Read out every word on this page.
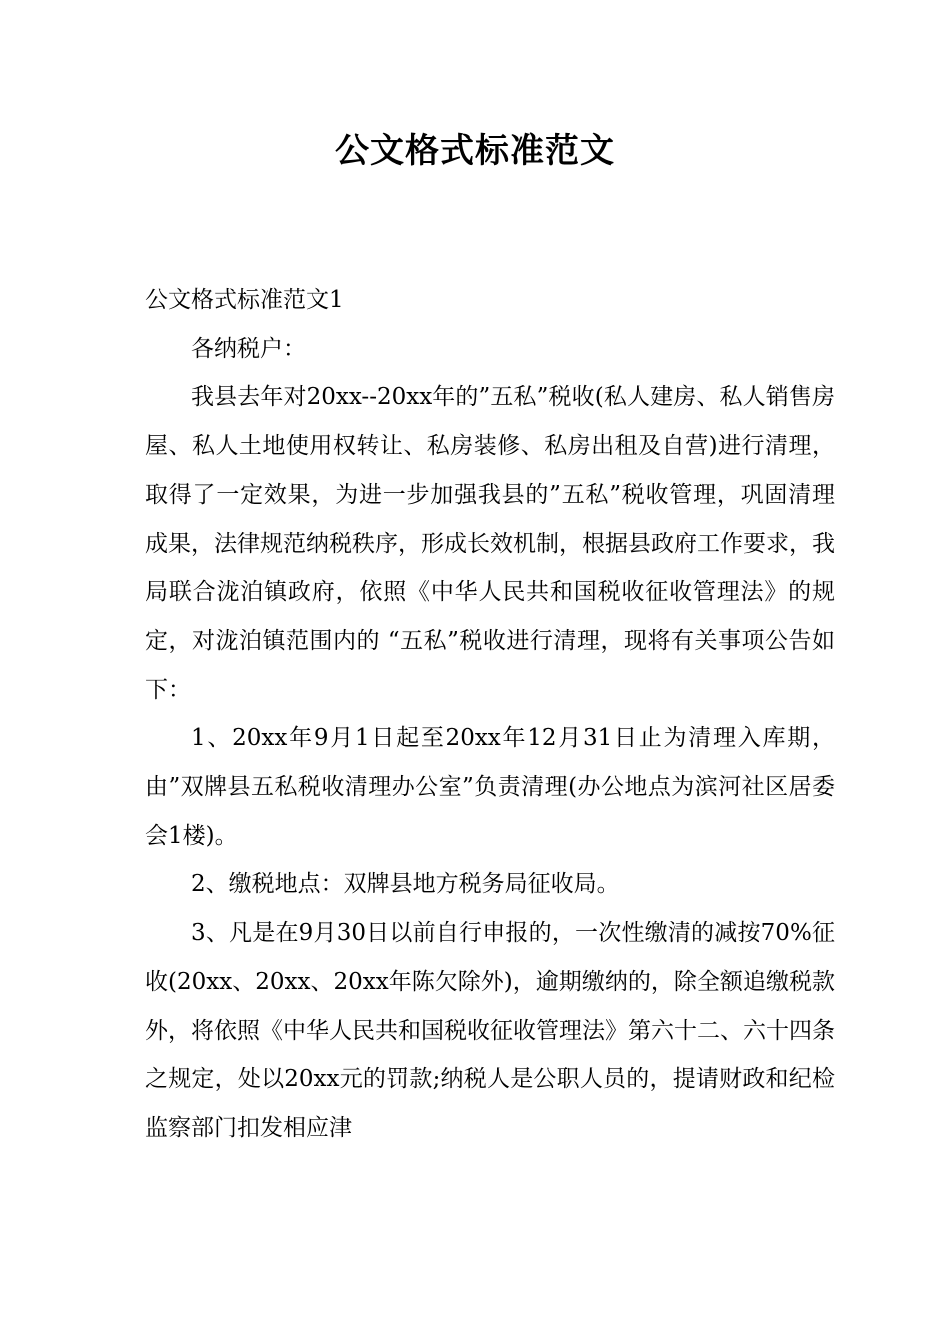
公文格式标准范文

公文格式标准范文1

各纳税户：

我县去年对20xx--20xx年的”五私”税收(私人建房、私人销售房屋、私人土地使用权转让、私房装修、私房出租及自营)进行清理，取得了一定效果，为进一步加强我县的”五私”税收管理，巩固清理成果，法律规范纳税秩序，形成长效机制，根据县政府工作要求，我局联合泷泊镇政府，依照《中华人民共和国税收征收管理法》的规定，对泷泊镇范围内的 “五私”税收进行清理，现将有关事项公告如下：

1、20xx年9月1日起至20xx年12月31日止为清理入库期，由”双牌县五私税收清理办公室”负责清理(办公地点为滨河社区居委会1楼)。

2、缴税地点：双牌县地方税务局征收局。

3、凡是在9月30日以前自行申报的，一次性缴清的减按70%征收(20xx、20xx、20xx年陈欠除外)，逾期缴纳的，除全额追缴税款外，将依照《中华人民共和国税收征收管理法》第六十二、六十四条之规定，处以20xx元的罚款;纳税人是公职人员的，提请财政和纪检监察部门扣发相应津
